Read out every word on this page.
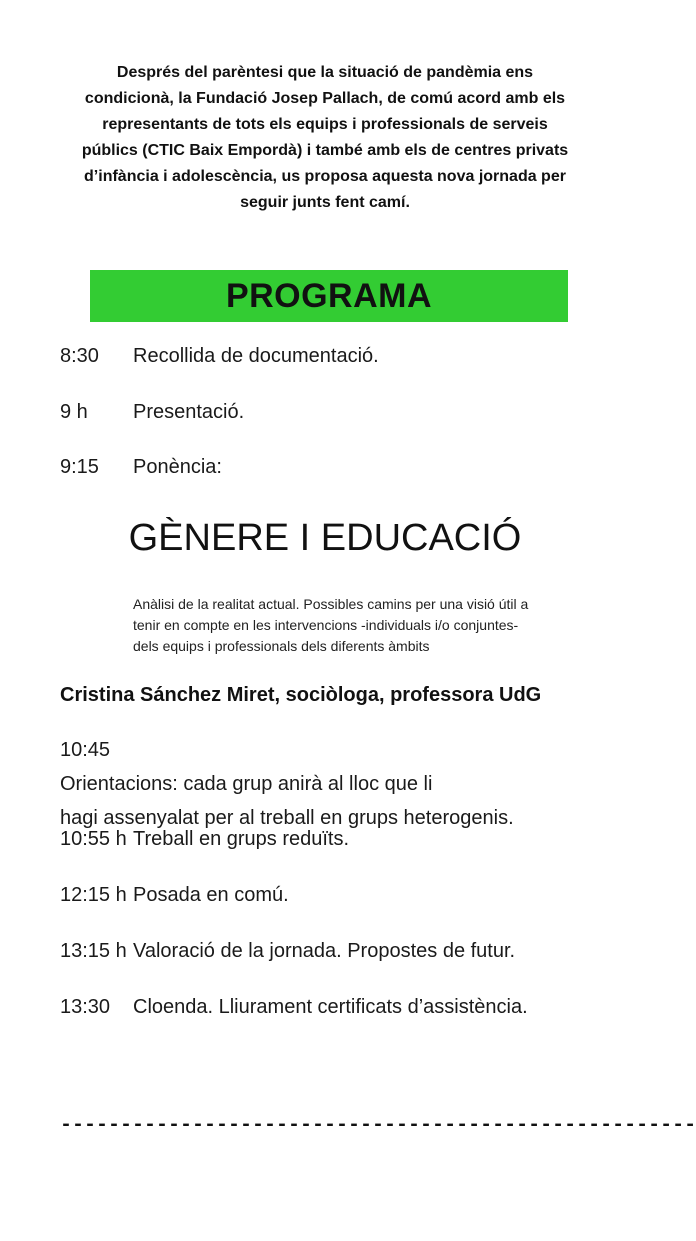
Després del parèntesi que la situació de pandèmia ens
condicionà, la Fundació Josep Pallach, de comú acord amb els
representants de tots els equips i professionals de serveis
públics (CTIC Baix Empordà) i també amb els de centres privats
d’infància i adolescència, us proposa aquesta nova jornada per
seguir junts fent camí.
PROGRAMA
8:30 Recollida de documentació.
9 h Presentació.
9:15 Ponència:
GÈNERE I EDUCACIÓ
Anàlisi de la realitat actual. Possibles camins per una visió útil a
tenir en compte en les intervencions -individuals i/o conjuntes-
dels equips i professionals dels diferents àmbits
Cristina Sánchez Miret, sociòloga, professora UdG
10:45
Orientacions: cada grup anirà al lloc que li
hagi assenyalat per al treball en grups heterogenis.
10:55 h Treball en grups reduïts.
12:15 h Posada en comú.
13:15 h Valoració de la jornada. Propostes de futur.
13:30 Cloenda. Lliurament certificats d’assistència.
-----------------------------------------------------
